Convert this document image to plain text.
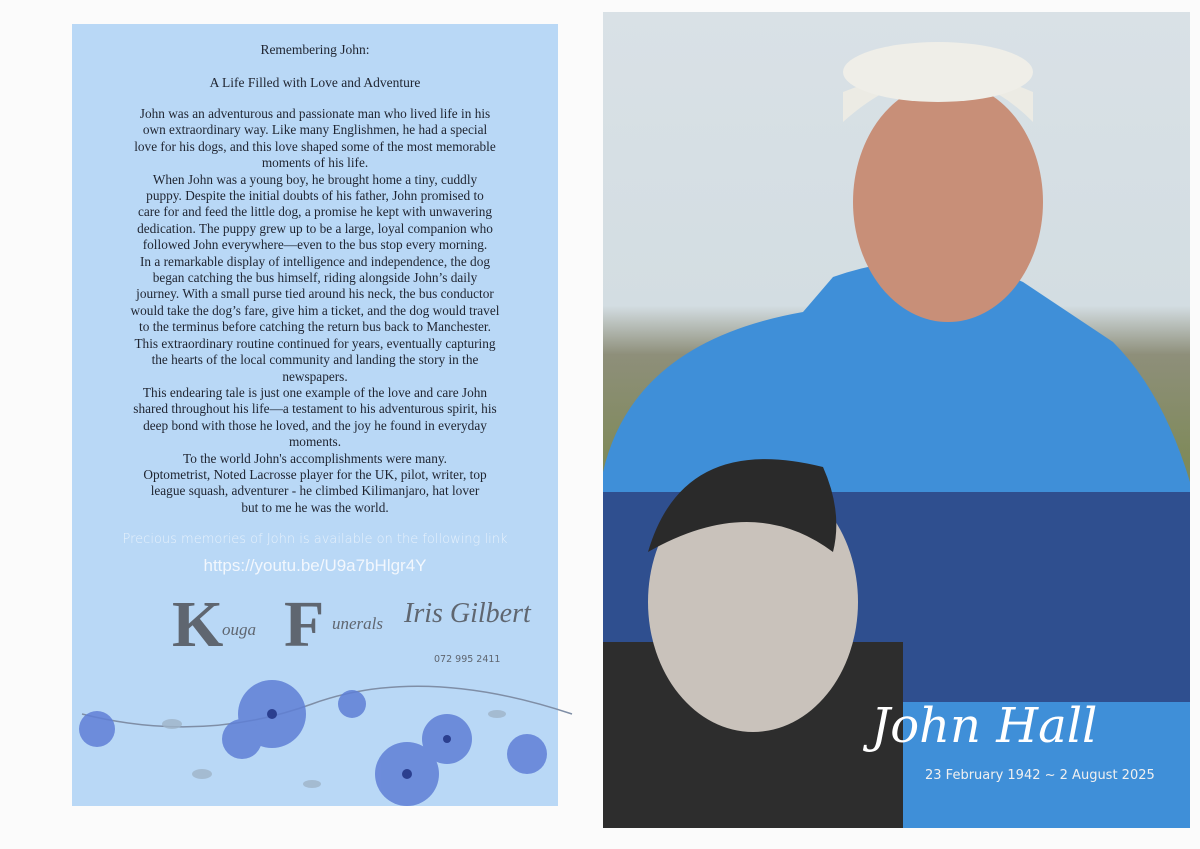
Remembering John:
A Life Filled with Love and Adventure
John was an adventurous and passionate man who lived life in his
own extraordinary way. Like many Englishmen, he had a special
love for his dogs, and this love shaped some of the most memorable
moments of his life.
When John was a young boy, he brought home a tiny, cuddly
puppy. Despite the initial doubts of his father, John promised to
care for and feed the little dog, a promise he kept with unwavering
dedication. The puppy grew up to be a large, loyal companion who
followed John everywhere—even to the bus stop every morning.
In a remarkable display of intelligence and independence, the dog
began catching the bus himself, riding alongside John’s daily
journey. With a small purse tied around his neck, the bus conductor
would take the dog’s fare, give him a ticket, and the dog would travel
to the terminus before catching the return bus back to Manchester.
This extraordinary routine continued for years, eventually capturing
the hearts of the local community and landing the story in the
newspapers.
This endearing tale is just one example of the love and care John
shared throughout his life—a testament to his adventurous spirit, his
deep bond with those he loved, and the joy he found in everyday
moments.
To the world John's accomplishments were many.
Optometrist, Noted Lacrosse player for the UK, pilot, writer, top
league squash, adventurer - he climbed Kilimanjaro, hat lover
but to me he was the world.
Precious memories of John is available on the following link
https://youtu.be/U9a7bHlgr4Y
K
ouga F unerals Iris Gilbert
072 995 2411
John Hall
23 February 1942 ~ 2 August 2025
